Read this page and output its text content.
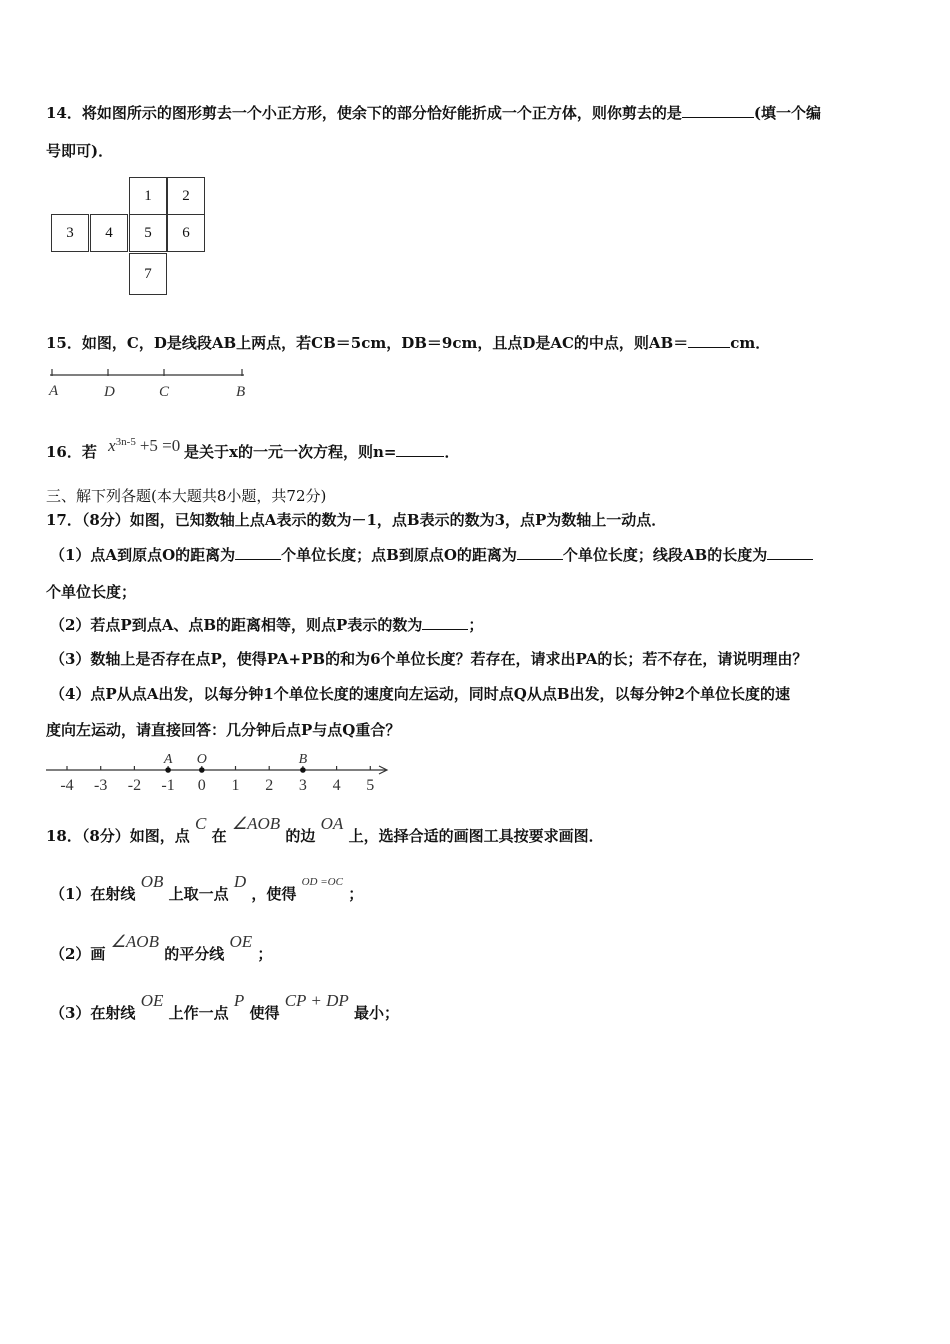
14．将如图所示的图形剪去一个小正方形，使余下的部分恰好能折成一个正方体，则你剪去的是	(填一个编
号即可)．
1	2
3	4	5	6
7
15．如图，C，D是线段AB上两点，若CB＝5cm，DB＝9cm，且点D是AC的中点，则AB＝	cm．
A	D	C	B
16．若 $x^{3n-5} +5 =0$ 是关于x的一元一次方程，则n=	．
三、解下列各题(本大题共8小题，共72分)
17．（8分）如图，已知数轴上点A表示的数为－1，点B表示的数为3，点P为数轴上一动点．
（1）点A到原点O的距离为	个单位长度；点B到原点O的距离为	个单位长度；线段AB的长度为
个单位长度；
（2）若点P到点A、点B的距离相等，则点P表示的数为	；
（3）数轴上是否存在点P，使得PA+PB的和为6个单位长度？若存在，请求出PA的长；若不存在，请说明理由？
（4）点P从点A出发，以每分钟1个单位长度的速度向左运动，同时点Q从点B出发，以每分钟2个单位长度的速
度向左运动，请直接回答：几分钟后点P与点Q重合？
-4 -3 -2 -1 0 1 2 3 4 5
A O	B
18．（8分）如图，点 C 在 ∠AOB 的边 OA 上，选择合适的画图工具按要求画图．
（1）在射线 OB 上取一点 D ，使得 $^{OD =OC}$ ；
（2）画 ∠AOB 的平分线 OE ；
（3）在射线 OE 上作一点 P 使得 CP + DP 最小；
